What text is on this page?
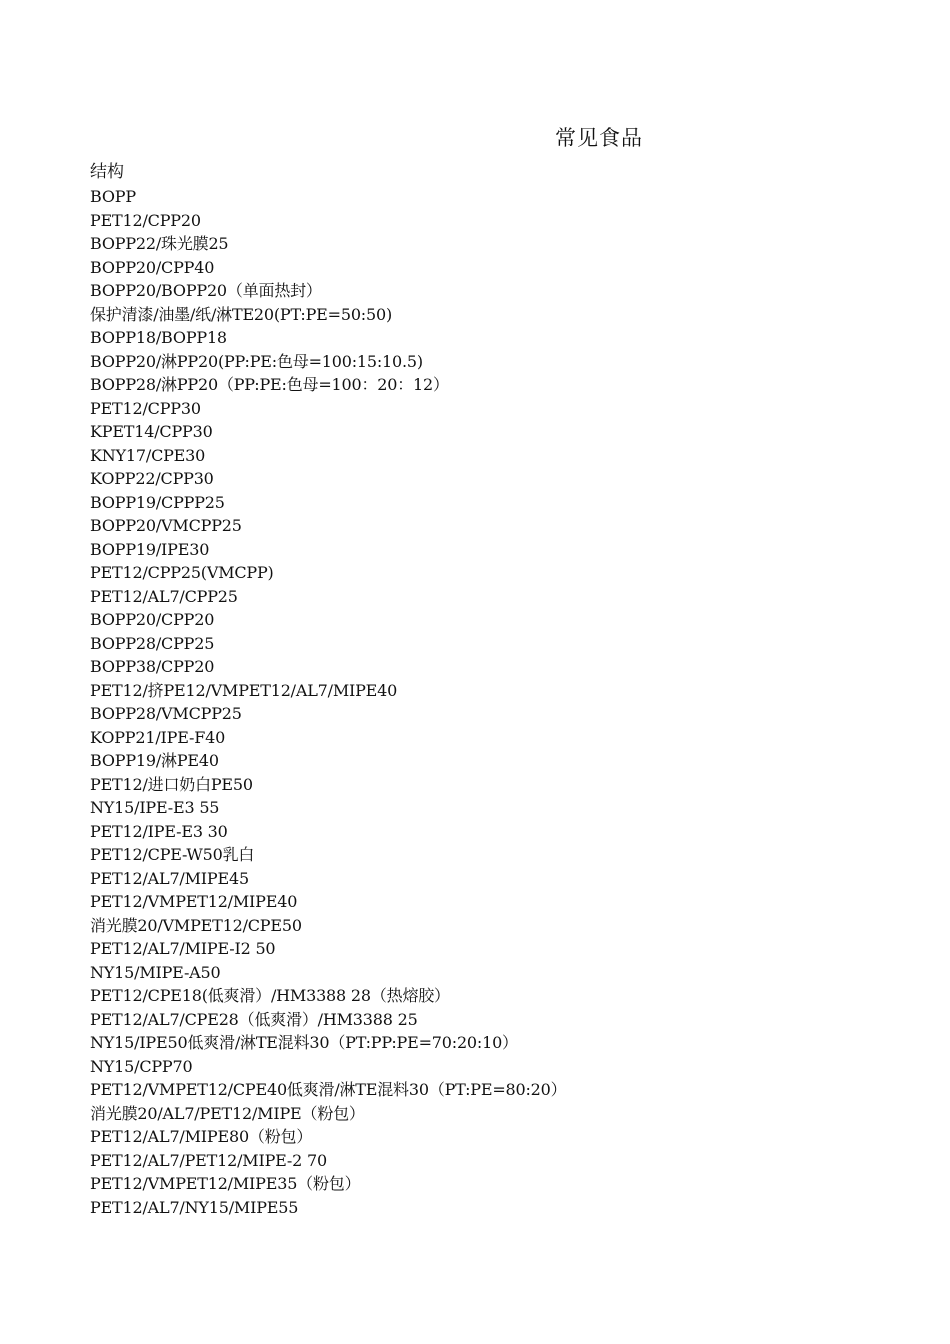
常见食品
结构
BOPP
PET12/CPP20
BOPP22/珠光膜25
BOPP20/CPP40
BOPP20/BOPP20（单面热封）
保护清漆/油墨/纸/淋TE20(PT:PE=50:50)
BOPP18/BOPP18
BOPP20/淋PP20(PP:PE:色母=100:15:10.5)
BOPP28/淋PP20（PP:PE:色母=100：20：12）
PET12/CPP30
KPET14/CPP30
KNY17/CPE30
KOPP22/CPP30
BOPP19/CPPP25
BOPP20/VMCPP25
BOPP19/IPE30
PET12/CPP25(VMCPP)
PET12/AL7/CPP25
BOPP20/CPP20
BOPP28/CPP25
BOPP38/CPP20
PET12/挤PE12/VMPET12/AL7/MIPE40
BOPP28/VMCPP25
KOPP21/IPE-F40
BOPP19/淋PE40
PET12/进口奶白PE50
NY15/IPE-E3 55
PET12/IPE-E3 30
PET12/CPE-W50乳白
PET12/AL7/MIPE45
PET12/VMPET12/MIPE40
消光膜20/VMPET12/CPE50
PET12/AL7/MIPE-I2 50
NY15/MIPE-A50
PET12/CPE18(低爽滑）/HM3388 28（热熔胶）
PET12/AL7/CPE28（低爽滑）/HM3388 25
NY15/IPE50低爽滑/淋TE混料30（PT:PP:PE=70:20:10）
NY15/CPP70
PET12/VMPET12/CPE40低爽滑/淋TE混料30（PT:PE=80:20）
消光膜20/AL7/PET12/MIPE（粉包）
PET12/AL7/MIPE80（粉包）
PET12/AL7/PET12/MIPE-2 70
PET12/VMPET12/MIPE35（粉包）
PET12/AL7/NY15/MIPE55
